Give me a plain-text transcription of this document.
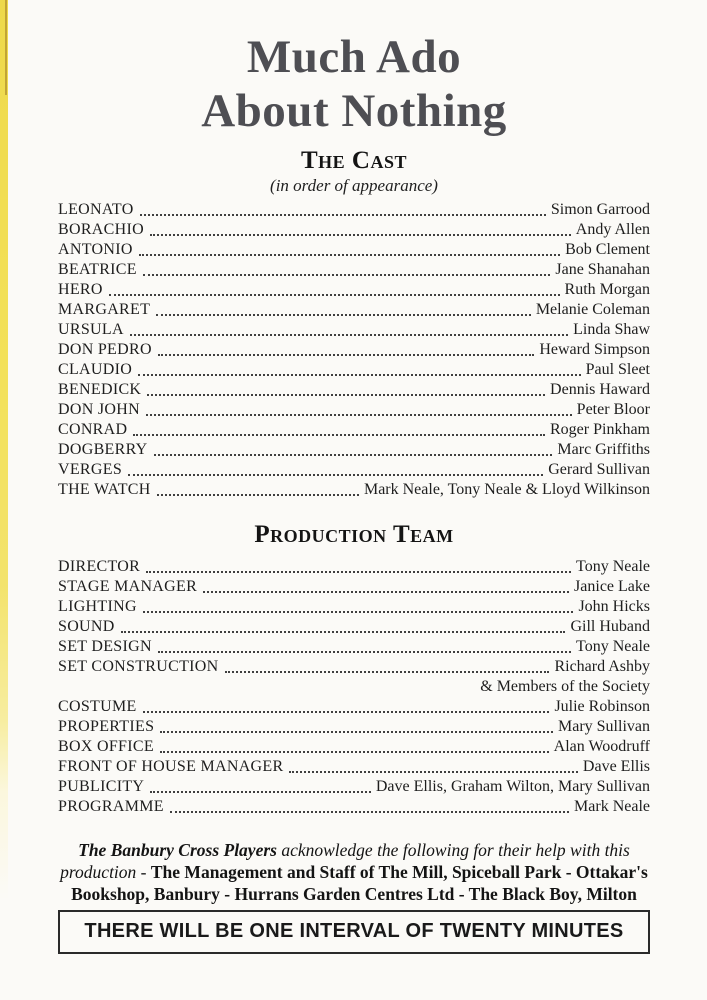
Much Ado
About Nothing
The Cast
(in order of appearance)
LEONATO	Simon Garrood
BORACHIO	Andy Allen
ANTONIO	Bob Clement
BEATRICE	Jane Shanahan
HERO	Ruth Morgan
MARGARET	Melanie Coleman
URSULA	Linda Shaw
DON PEDRO	Heward Simpson
CLAUDIO	Paul Sleet
BENEDICK	Dennis Haward
DON JOHN	Peter Bloor
CONRAD	Roger Pinkham
DOGBERRY	Marc Griffiths
VERGES	Gerard Sullivan
THE WATCH	Mark Neale, Tony Neale & Lloyd Wilkinson
Production Team
DIRECTOR	Tony Neale
STAGE MANAGER	Janice Lake
LIGHTING	John Hicks
SOUND	Gill Huband
SET DESIGN	Tony Neale
SET CONSTRUCTION	Richard Ashby
& Members of the Society
COSTUME	Julie Robinson
PROPERTIES	Mary Sullivan
BOX OFFICE	Alan Woodruff
FRONT OF HOUSE MANAGER	Dave Ellis
PUBLICITY	Dave Ellis, Graham Wilton, Mary Sullivan
PROGRAMME	Mark Neale
The Banbury Cross Players acknowledge the following for their help with this
production - The Management and Staff of The Mill, Spiceball Park - Ottakar's
Bookshop, Banbury - Hurrans Garden Centres Ltd - The Black Boy, Milton
THERE WILL BE ONE INTERVAL OF TWENTY MINUTES
